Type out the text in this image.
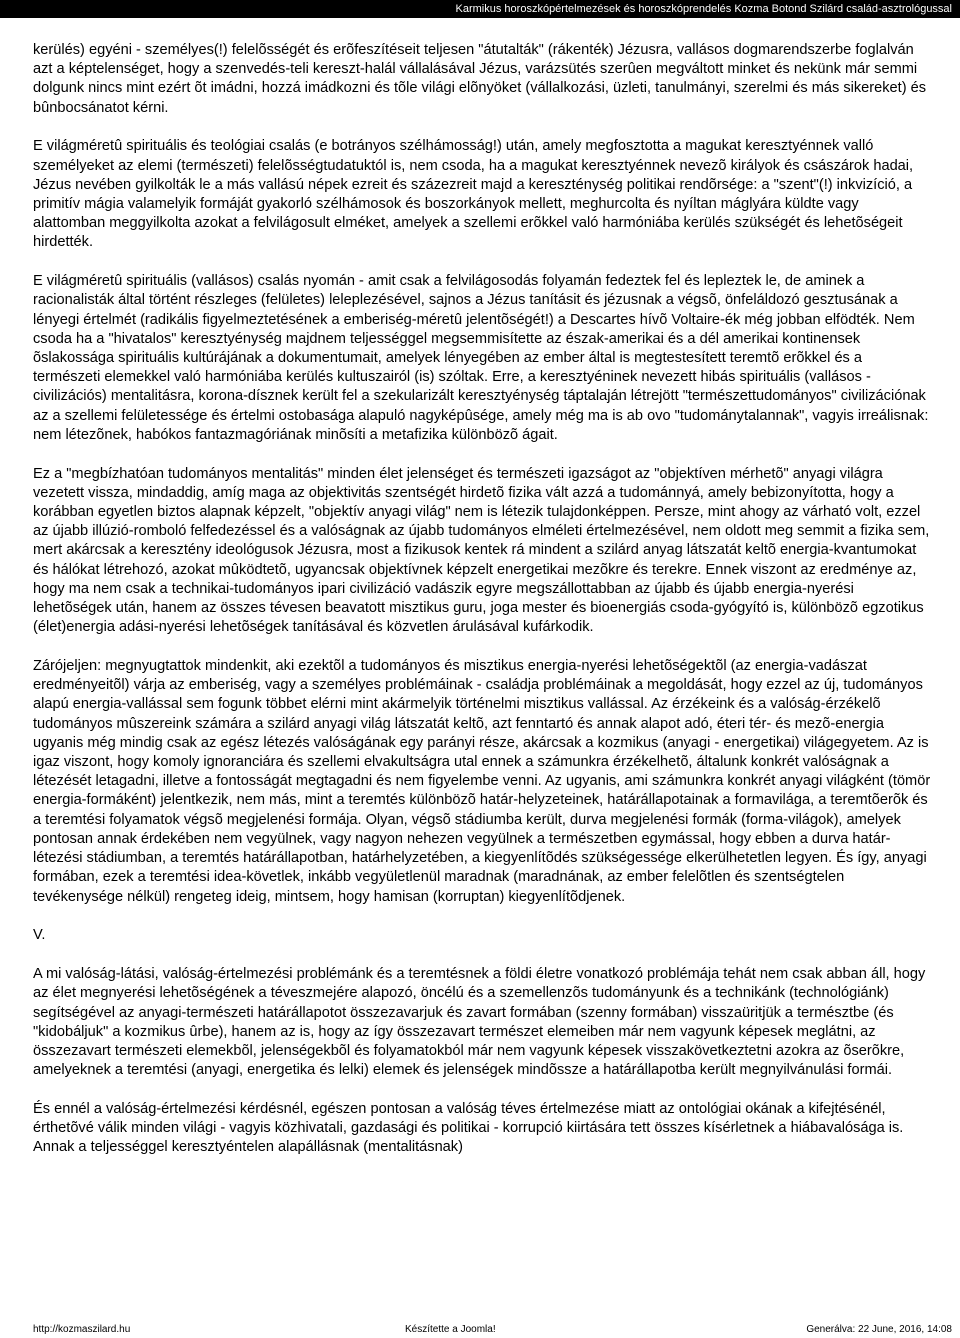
Karmikus horoszkópértelmezések és horoszkóprendelés Kozma Botond Szilárd család-asztrológussal

kerülés) egyéni - személyes(!) felelõsségét és erõfeszítéseit teljesen "átutalták" (rákenték) Jézusra, vallásos dogmarendszerbe foglalván azt a képtelenséget, hogy a szenvedés-teli kereszt-halál vállalásával Jézus, varázsütés szerûen megváltott minket és nekünk már semmi dolgunk nincs mint ezért õt imádni, hozzá imádkozni és tõle világi elõnyöket (vállalkozási, üzleti, tanulmányi, szerelmi és más sikereket) és bûnbocsánatot kérni.

E világméretû spirituális és teológiai csalás (e botrányos szélhámosság!) után, amely megfosztotta a magukat keresztyénnek valló személyeket az elemi (természeti) felelõsségtudatuktól is, nem csoda, ha a magukat keresztyénnek nevezõ királyok és császárok hadai, Jézus nevében gyilkolták le a más vallású népek ezreit és százezreit majd a kereszténység politikai rendõrsége: a "szent"(!) inkvizíció, a primitív mágia valamelyik formáját gyakorló szélhámosok és boszorkányok mellett, meghurcolta és nyíltan máglyára küldte vagy alattomban meggyilkolta azokat a felvilágosult elméket, amelyek a szellemi erõkkel való harmóniába kerülés szükségét és lehetõségeit hirdették.

E világméretû spirituális (vallásos) csalás nyomán - amit csak a felvilágosodás folyamán fedeztek fel és lepleztek le, de aminek a racionalisták által történt részleges (felületes) leleplezésével, sajnos a Jézus tanításit és jézusnak a végsõ, önfeláldozó gesztusának a lényegi értelmét (radikális figyelmeztetésének a emberiség-méretû jelentõségét!) a Descartes hívõ Voltaire-ék még jobban elfödték. Nem csoda ha a "hivatalos" keresztyénység majdnem teljességgel megsemmisítette az észak-amerikai és a dél amerikai kontinensek õslakossága spirituális kultúrájának a dokumentumait, amelyek lényegében az ember által is megtestesített teremtõ erõkkel és a természeti elemekkel való harmóniába kerülés kultuszairól (is) szóltak. Erre, a keresztyéninek nevezett hibás spirituális (vallásos - civilizációs) mentalitásra, korona-dísznek került fel a szekularizált keresztyénység táptalaján létrejött "természettudományos" civilizációnak az a szellemi felületessége és értelmi ostobasága alapuló nagyképûsége, amely még ma is ab ovo "tudománytalannak", vagyis irreálisnak: nem létezõnek, habókos fantazmagóriának minõsíti a metafizika különbözõ ágait.

Ez a "megbízhatóan tudományos mentalitás" minden élet jelenséget és természeti igazságot az "objektíven mérhetõ" anyagi világra vezetett vissza, mindaddig, amíg maga az objektivitás szentségét hirdetõ fizika vált azzá a tudománnyá, amely bebizonyította, hogy a korábban egyetlen biztos alapnak képzelt, "objektív anyagi világ" nem is létezik tulajdonképpen. Persze, mint ahogy az várható volt, ezzel az újabb illúzió-romboló felfedezéssel és a valóságnak az újabb tudományos elméleti értelmezésével, nem oldott meg semmit a fizika sem, mert akárcsak a keresztény ideológusok Jézusra, most a fizikusok kentek rá mindent a szilárd anyag látszatát keltõ energia-kvantumokat és hálókat létrehozó, azokat mûködtetõ, ugyancsak objektívnek képzelt energetikai mezõkre és terekre. Ennek viszont az eredménye az, hogy ma nem csak a technikai-tudományos ipari civilizáció vadászik egyre megszállottabban az újabb és újabb energia-nyerési lehetõségek után, hanem az összes tévesen beavatott misztikus guru, joga mester és bioenergiás csoda-gyógyító is, különbözõ egzotikus (élet)energia adási-nyerési lehetõségek tanításával és közvetlen árulásával kufárkodik.

Zárójeljen: megnyugtattok mindenkit, aki ezektõl a tudományos és misztikus energia-nyerési lehetõségektõl (az energia-vadászat eredményeitõl) várja az emberiség, vagy a személyes problémáinak - családja problémáinak a megoldását, hogy ezzel az új, tudományos alapú energia-vallással sem fogunk többet elérni mint akármelyik történelmi misztikus vallással. Az érzékeink és a valóság-érzékelõ tudományos mûszereink számára a szilárd anyagi világ látszatát keltõ, azt fenntartó és annak alapot adó, éteri tér- és mezõ-energia ugyanis még mindig csak az egész létezés valóságának egy parányi része, akárcsak a kozmikus (anyagi - energetikai) világegyetem. Az is igaz viszont, hogy komoly ignoranciára és szellemi elvakultságra utal ennek a számunkra érzékelhetõ, általunk konkrét valóságnak a létezését letagadni, illetve a fontosságát megtagadni és nem figyelembe venni. Az ugyanis, ami számunkra konkrét anyagi világként (tömör energia-formáként) jelentkezik, nem más, mint a teremtés különbözõ határ-helyzeteinek, határállapotainak a formavilága, a teremtõerõk és a teremtési folyamatok végsõ megjelenési formája. Olyan, végsõ stádiumba került, durva megjelenési formák (forma-világok), amelyek pontosan annak érdekében nem vegyülnek, vagy nagyon nehezen vegyülnek a természetben egymással, hogy ebben a durva határ-létezési stádiumban, a teremtés határállapotban, határhelyzetében, a kiegyenlítõdés szükségessége elkerülhetetlen legyen. És így, anyagi formában, ezek a teremtési idea-követlek, inkább vegyületlenül maradnak (maradnának, az ember felelõtlen és szentségtelen tevékenysége nélkül) rengeteg ideig, mintsem, hogy hamisan (korruptan) kiegyenlítõdjenek.

V.

A mi valóság-látási, valóság-értelmezési problémánk és a teremtésnek a földi életre vonatkozó problémája tehát nem csak abban áll, hogy az élet megnyerési lehetõségének a téveszmejére alapozó, öncélú és a szemellenzõs tudományunk és a technikánk (technológiánk) segítségével az anyagi-természeti határállapotot összezavarjuk és zavart formában (szenny formában) visszaüritjük a természtbe (és "kidobáljuk" a kozmikus ûrbe), hanem az is, hogy az így összezavart természet elemeiben már nem vagyunk képesek meglátni, az összezavart természeti elemekbõl, jelenségekbõl és folyamatokból már nem vagyunk képesek visszakövetkeztetni azokra az õserõkre, amelyeknek a teremtési (anyagi, energetika és lelki) elemek és jelenségek mindõssze a határállapotba került megnyilvánulási formái.

És ennél a valóság-értelmezési kérdésnél, egészen pontosan a valóság téves értelmezése miatt az ontológiai okának a kifejtésénél, érthetõvé válik minden világi - vagyis közhivatali, gazdasági és politikai - korrupció kiirtására tett összes kísérletnek a hiábavalósága is. Annak a teljességgel keresztyéntelen alapállásnak (mentalitásnak)

http://kozmaszilard.hu	Készítette a Joomla!	Generálva: 22 June, 2016, 14:08
